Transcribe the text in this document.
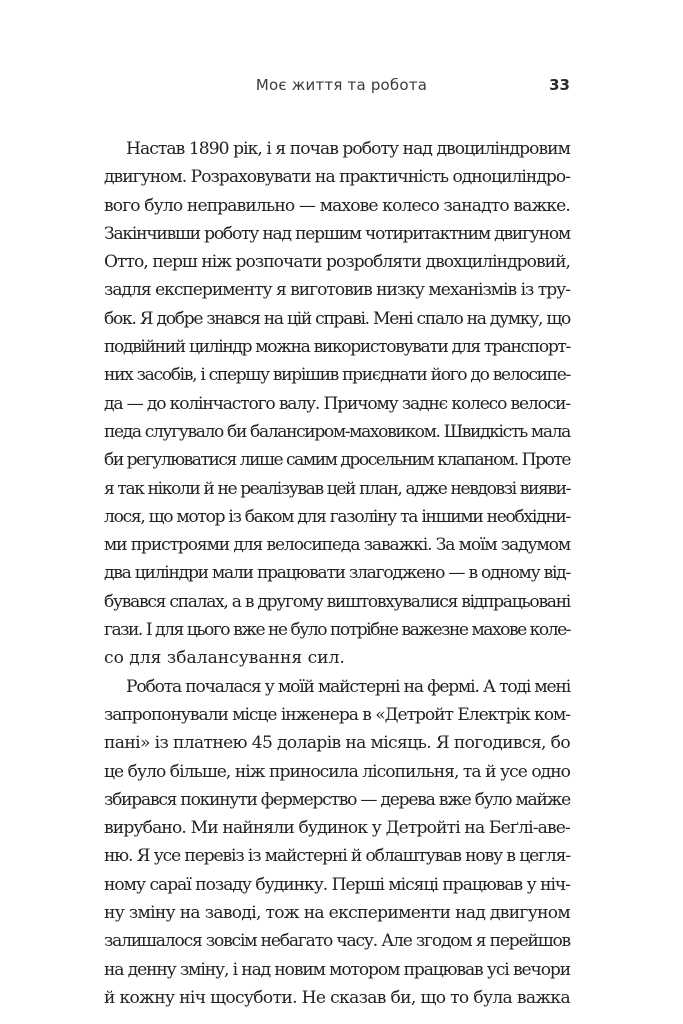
Моє життя та робота	33

Настав 1890 рік, і я почав роботу над двоциліндровим
двигуном. Розраховувати на практичність одноциліндро-
вого було неправильно — махове колесо занадто важке.
Закінчивши роботу над першим чотиритактним двигуном
Отто, перш ніж розпочати розробляти двохциліндровий,
задля експерименту я виготовив низку механізмів із тру-
бок. Я добре знався на цій справі. Мені спало на думку, що
подвійний циліндр можна використовувати для транспорт-
них засобів, і спершу вирішив приєднати його до велосипе-
да — до колінчастого валу. Причому заднє колесо велоси-
педа слугувало би балансиром-маховиком. Швидкість мала
би регулюватися лише самим дросельним клапаном. Проте
я так ніколи й не реалізував цей план, адже невдовзі вияви-
лося, що мотор із баком для газоліну та іншими необхідни-
ми пристроями для велосипеда заважкі. За моїм задумом
два циліндри мали працювати злагоджено — в одному від-
бувався спалах, а в другому виштовхувалися відпрацьовані
гази. І для цього вже не було потрібне важезне махове коле-
со для збалансування сил.

Робота почалася у моїй майстерні на фермі. А тоді мені
запропонували місце інженера в «Детройт Електрік ком-
пані» із платнею 45 доларів на місяць. Я погодився, бо
це було більше, ніж приносила лісопильня, та й усе одно
збирався покинути фермерство — дерева вже було майже
вирубано. Ми найняли будинок у Детройті на Беґлі-аве-
ню. Я усе перевіз із майстерні й облаштував нову в цегля-
ному сараї позаду будинку. Перші місяці працював у ніч-
ну зміну на заводі, тож на експерименти над двигуном
залишалося зовсім небагато часу. Але згодом я перейшов
на денну зміну, і над новим мотором працював усі вечори
й кожну ніч щосуботи. Не сказав би, що то була важка
